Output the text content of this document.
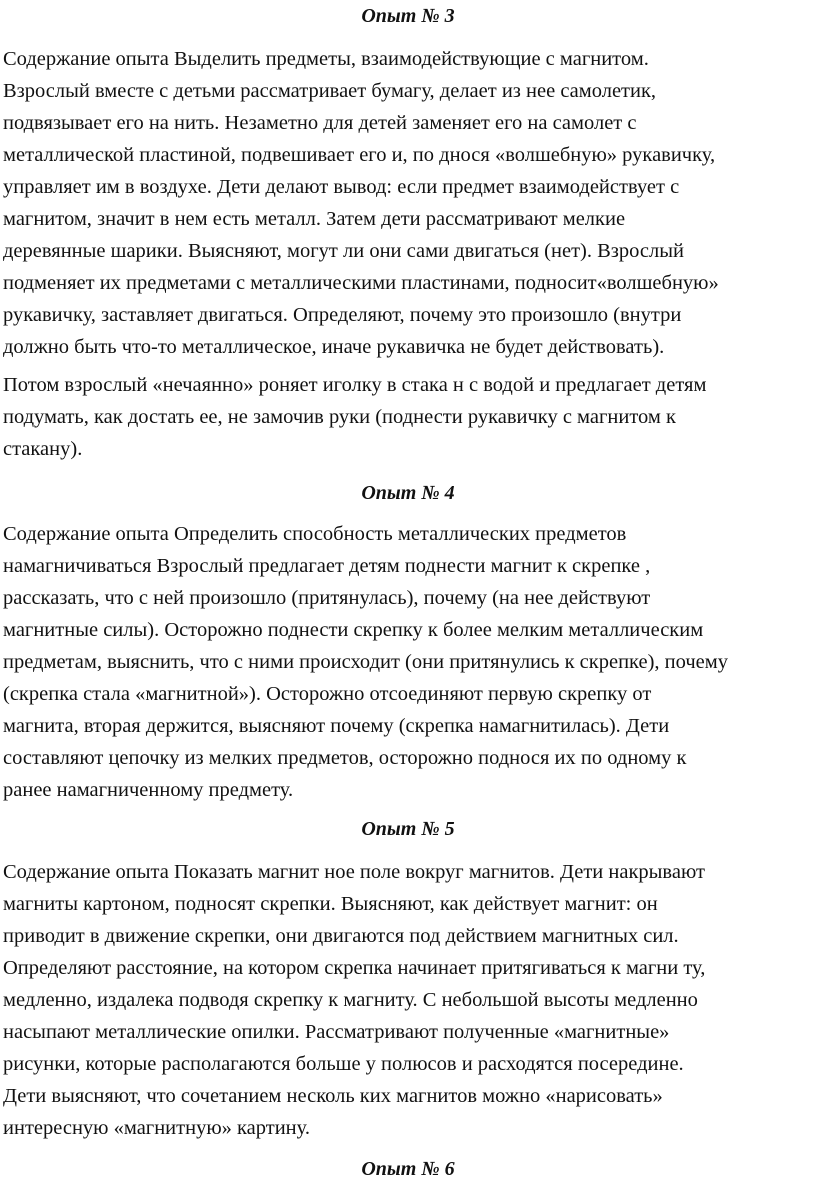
Опыт № 3
Содержание опыта Выделить предметы, взаимодействующие с магнитом.
Взрослый вместе с детьми рассматривает бумагу, делает из нее самолетик,
подвязывает его на нить. Незаметно для детей заменяет его на самолет с
металлической пластиной, подвешивает его и, по днося «волшебную» рукавичку,
управляет им в воздухе. Дети делают вывод: если предмет взаимодействует с
магнитом, значит в нем есть металл. Затем дети рассматривают мелкие
деревянные шарики. Выясняют, могут ли они сами двигаться (нет). Взрослый
подменяет их предметами с металлическими пластинами, подносит«волшебную»
рукавичку, заставляет двигаться. Определяют, почему это произошло (внутри
должно быть что-то металлическое, иначе рукавичка не будет действовать).
Потом взрослый «нечаянно» роняет иголку в стака н с водой и предлагает детям
подумать, как достать ее, не замочив руки (поднести рукавичку с магнитом к
стакану).
Опыт № 4
Содержание опыта Определить способность металлических предметов
намагничиваться Взрослый предлагает детям поднести магнит к скрепке ,
рассказать, что с ней произошло (притянулась), почему (на нее действуют
магнитные силы). Осторожно поднести скрепку к более мелким металлическим
предметам, выяснить, что с ними происходит (они притянулись к скрепке), почему
(скрепка стала «магнитной»). Осторожно отсоединяют первую скрепку от
магнита, вторая держится, выясняют почему (скрепка намагнитилась). Дети
составляют цепочку из мелких предметов, осторожно поднося их по одному к
ранее намагниченному предмету.
Опыт № 5
Содержание опыта Показать магнит ное поле вокруг магнитов. Дети накрывают
магниты картоном, подносят скрепки. Выясняют, как действует магнит: он
приводит в движение скрепки, они двигаются под действием магнитных сил.
Определяют расстояние, на котором скрепка начинает притягиваться к магни ту,
медленно, издалека подводя скрепку к магниту. С небольшой высоты медленно
насыпают металлические опилки. Рассматривают полученные «магнитные»
рисунки, которые располагаются больше у полюсов и расходятся посередине.
Дети выясняют, что сочетанием несколь ких магнитов можно «нарисовать»
интересную «магнитную» картину.
Опыт № 6
